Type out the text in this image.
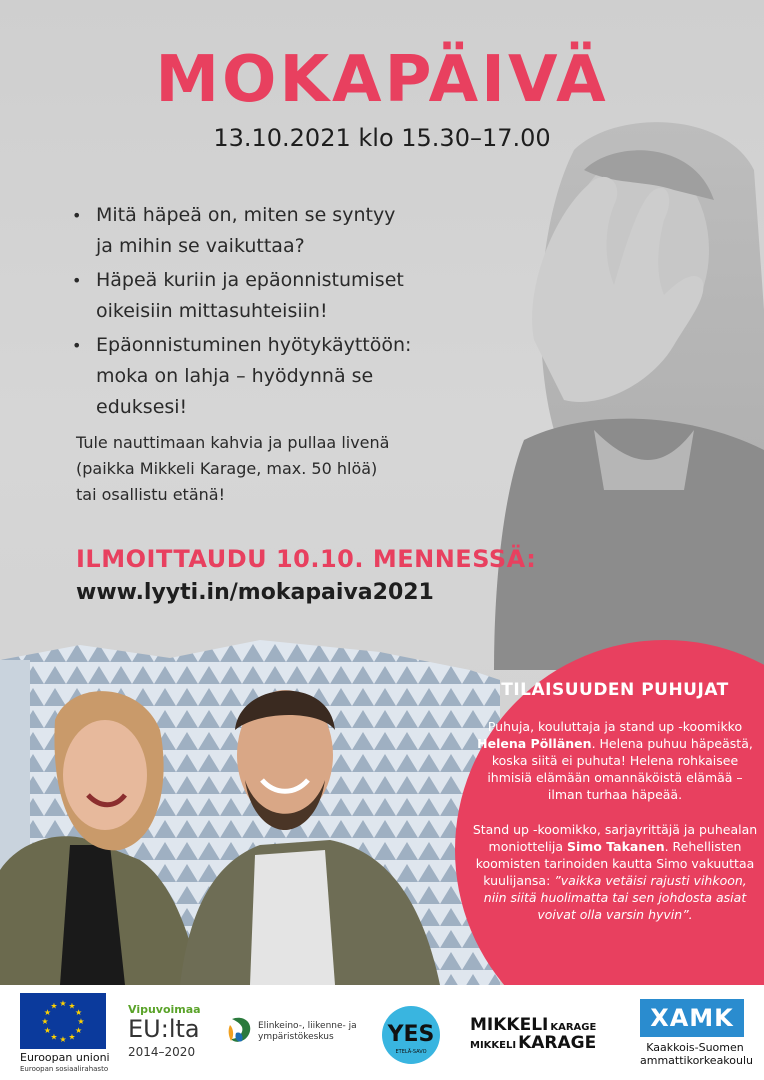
MOKAPÄIVÄ
13.10.2021 klo 15.30–17.00
• Mitä häpeä on, miten se syntyy
ja mihin se vaikuttaa?
• Häpeä kuriin ja epäonnistumiset
oikeisiin mittasuhteisiin!
• Epäonnistuminen hyötykäyttöön:
moka on lahja – hyödynnä se
eduksesi!
Tule nauttimaan kahvia ja pullaa livenä
(paikka Mikkeli Karage, max. 50 hlöä)
tai osallistu etänä!
ILMOITTAUDU 10.10. MENNESSÄ:
www.lyyti.in/mokapaiva2021
TILAISUUDEN PUHUJAT

Puhuja, kouluttaja ja stand up -koomikko Helena Pöllänen. Helena puhuu häpeästä, koska siitä ei puhuta! Helena rohkaisee ihmisiä elämään omannäköistä elämää – ilman turhaa häpeää.

Stand up -koomikko, sarjayrittäjä ja puhealan moniottelija Simo Takanen. Rehellisten koomisten tarinoiden kautta Simo vakuuttaa kuulijansa: ”vaikka vetäisi rajusti vihkoon, niin siitä huolimatta tai sen johdosta asiat voivat olla varsin hyvin”.

★
★
★
★
★
★
★
★
★ ★ ★
★
Euroopan unioni
Euroopan sosiaalirahasto
Vipuvoimaa
EU:lta
2014–2020
Elinkeino-, liikenne- ja ympäristökeskus	YES
ETELÄ-SAVO
MIKKELI KARAGE
MIKKELI KARAGE
XAMK
Kaakkois-Suomen ammattikorkeakoulu
